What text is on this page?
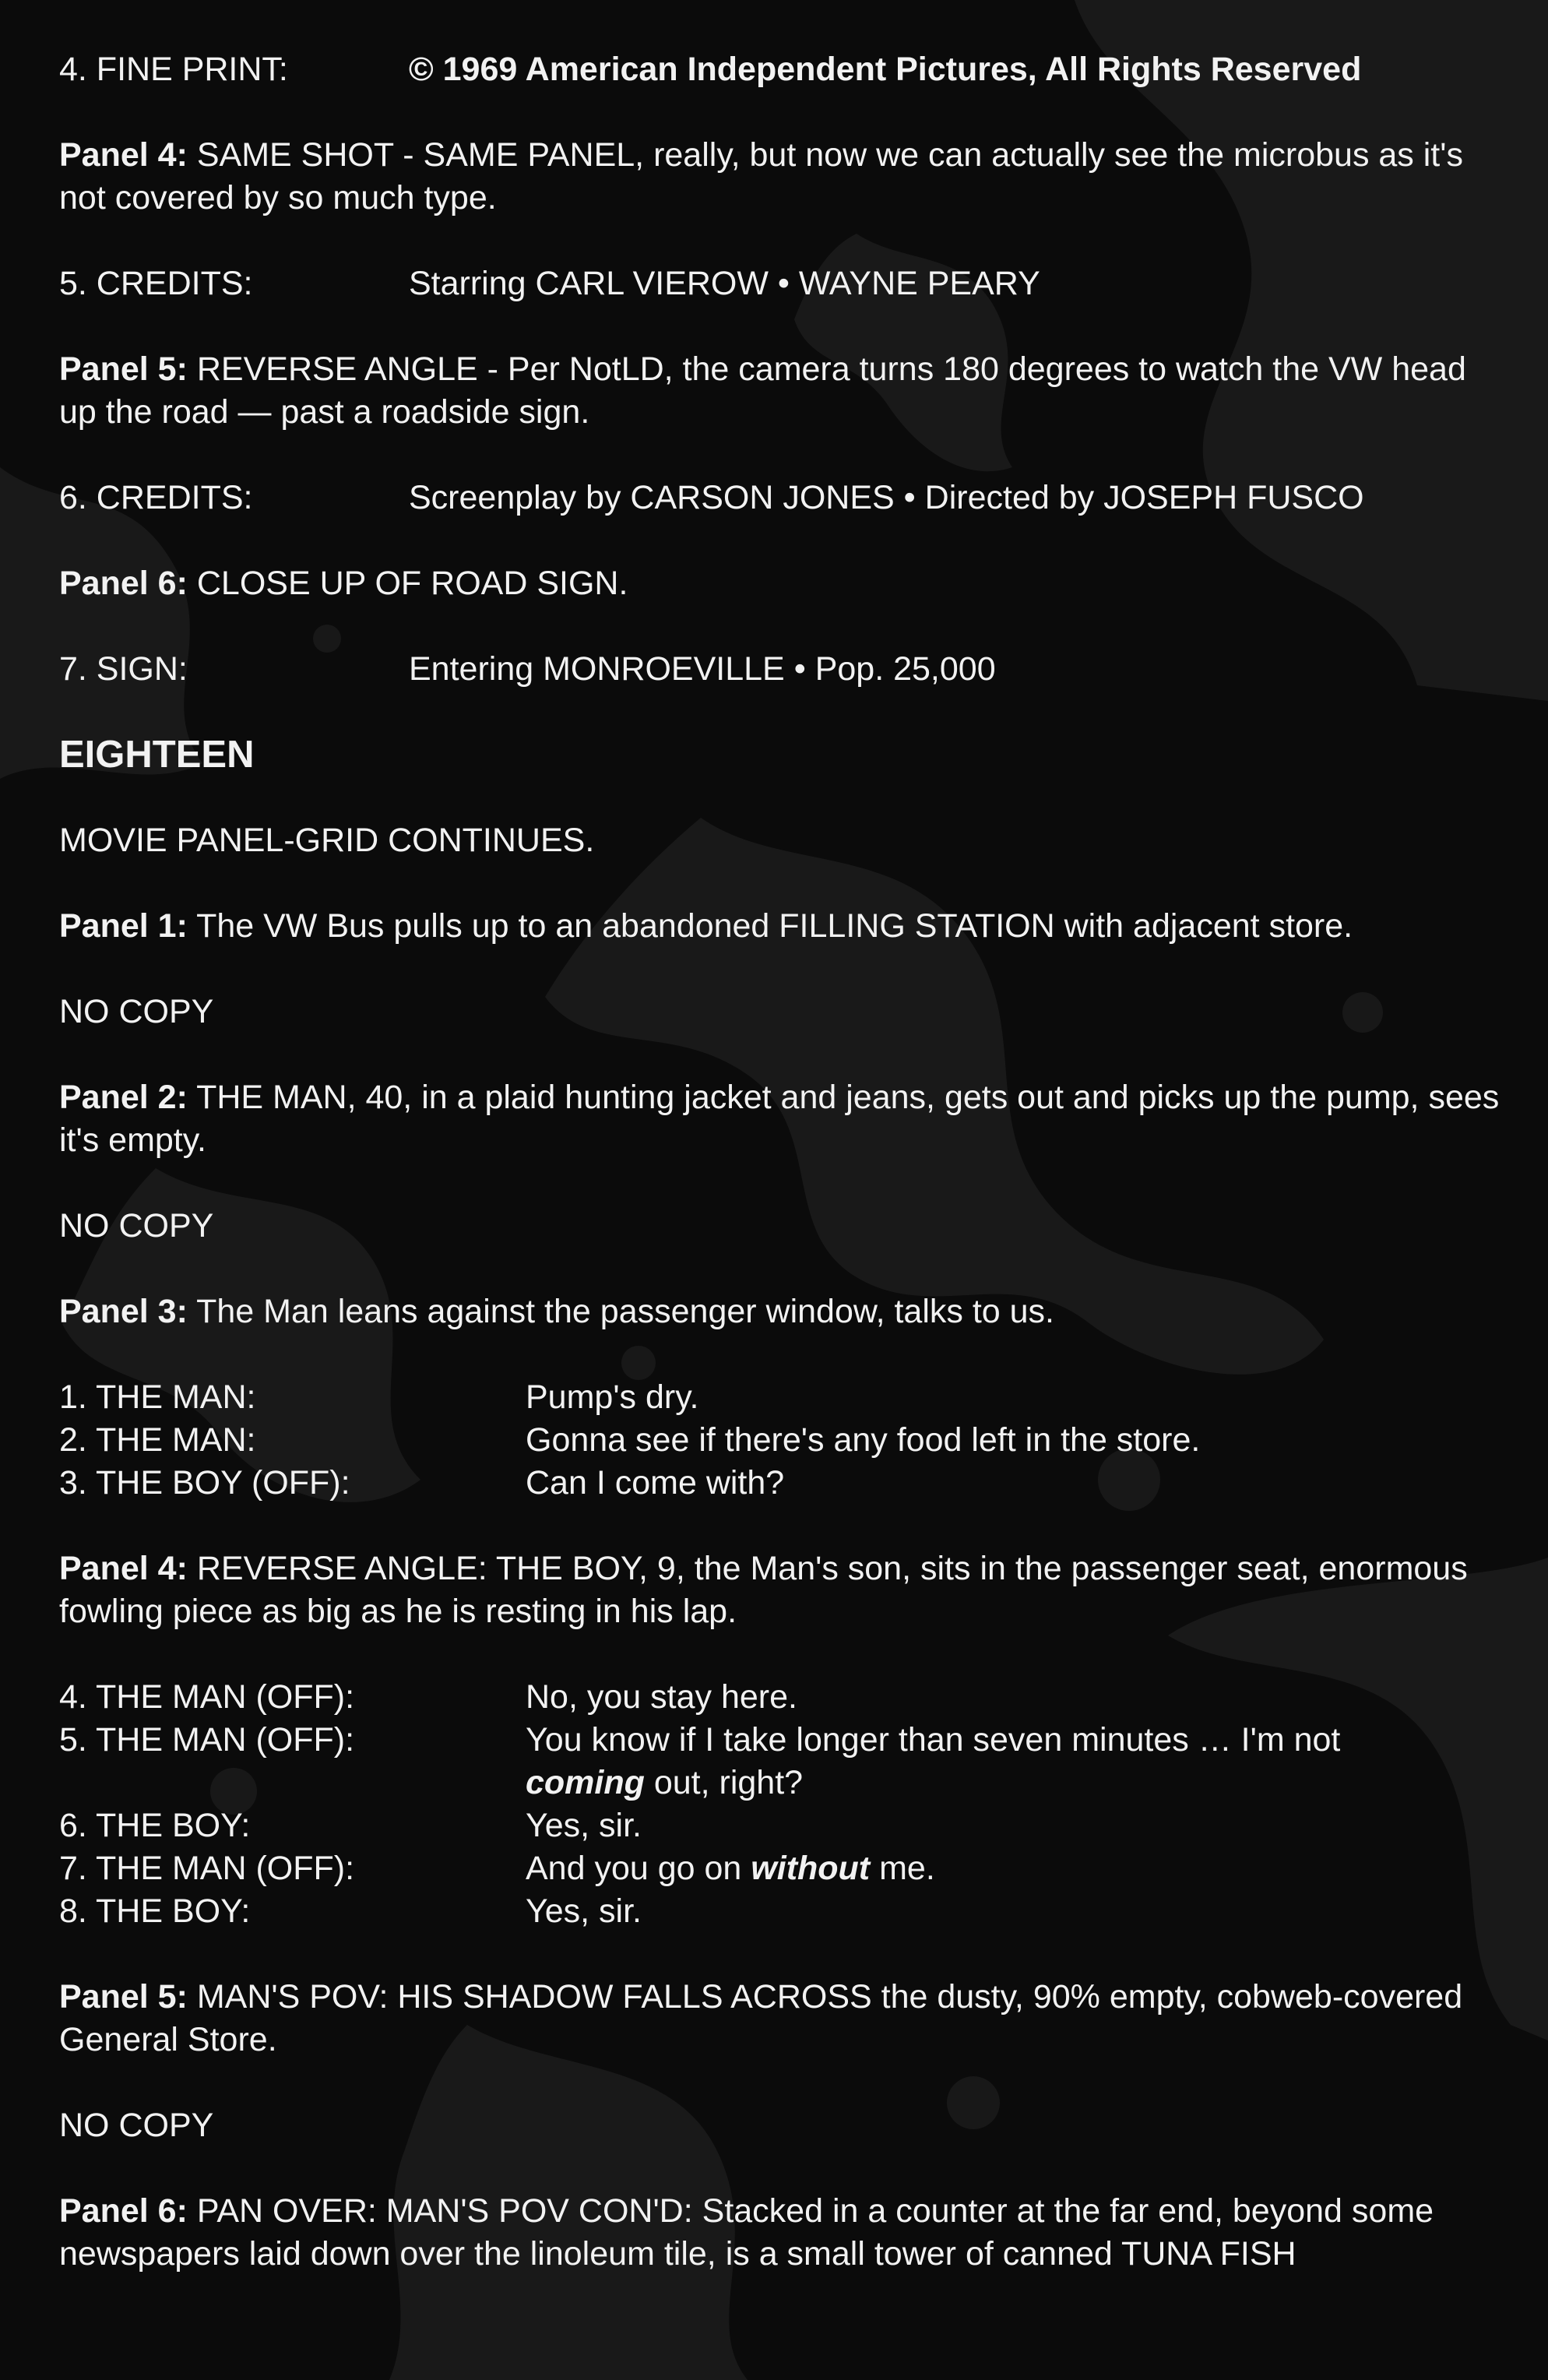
4. FINE PRINT:	© 1969 American Independent Pictures, All Rights Reserved

Panel 4: SAME SHOT - SAME PANEL, really, but now we can actually see the microbus as it's not covered by so much type.

5. CREDITS:	Starring CARL VIEROW • WAYNE PEARY

Panel 5: REVERSE ANGLE - Per NotLD, the camera turns 180 degrees to watch the VW head up the road — past a roadside sign.

6. CREDITS:	Screenplay by CARSON JONES • Directed by JOSEPH FUSCO

Panel 6: CLOSE UP OF ROAD SIGN.

7. SIGN:	Entering MONROEVILLE • Pop. 25,000

EIGHTEEN

MOVIE PANEL-GRID CONTINUES.

Panel 1: The VW Bus pulls up to an abandoned FILLING STATION with adjacent store.

NO COPY

Panel 2: THE MAN, 40, in a plaid hunting jacket and jeans, gets out and picks up the pump, sees it's empty.

NO COPY

Panel 3: The Man leans against the passenger window, talks to us.

1. THE MAN:	Pump's dry.
2. THE MAN:	Gonna see if there's any food left in the store.
3. THE BOY (OFF):	Can I come with?

Panel 4: REVERSE ANGLE: THE BOY, 9, the Man's son, sits in the passenger seat, enormous fowling piece as big as he is resting in his lap.

4. THE MAN (OFF):	No, you stay here.
5. THE MAN (OFF):	You know if I take longer than seven minutes … I'm not coming out, right?
6. THE BOY:	Yes, sir.
7. THE MAN (OFF):	And you go on without me.
8. THE BOY:	Yes, sir.

Panel 5: MAN'S POV: HIS SHADOW FALLS ACROSS the dusty, 90% empty, cobweb-covered General Store.

NO COPY

Panel 6: PAN OVER: MAN'S POV CON'D: Stacked in a counter at the far end, beyond some newspapers laid down over the linoleum tile, is a small tower of canned TUNA FISH
